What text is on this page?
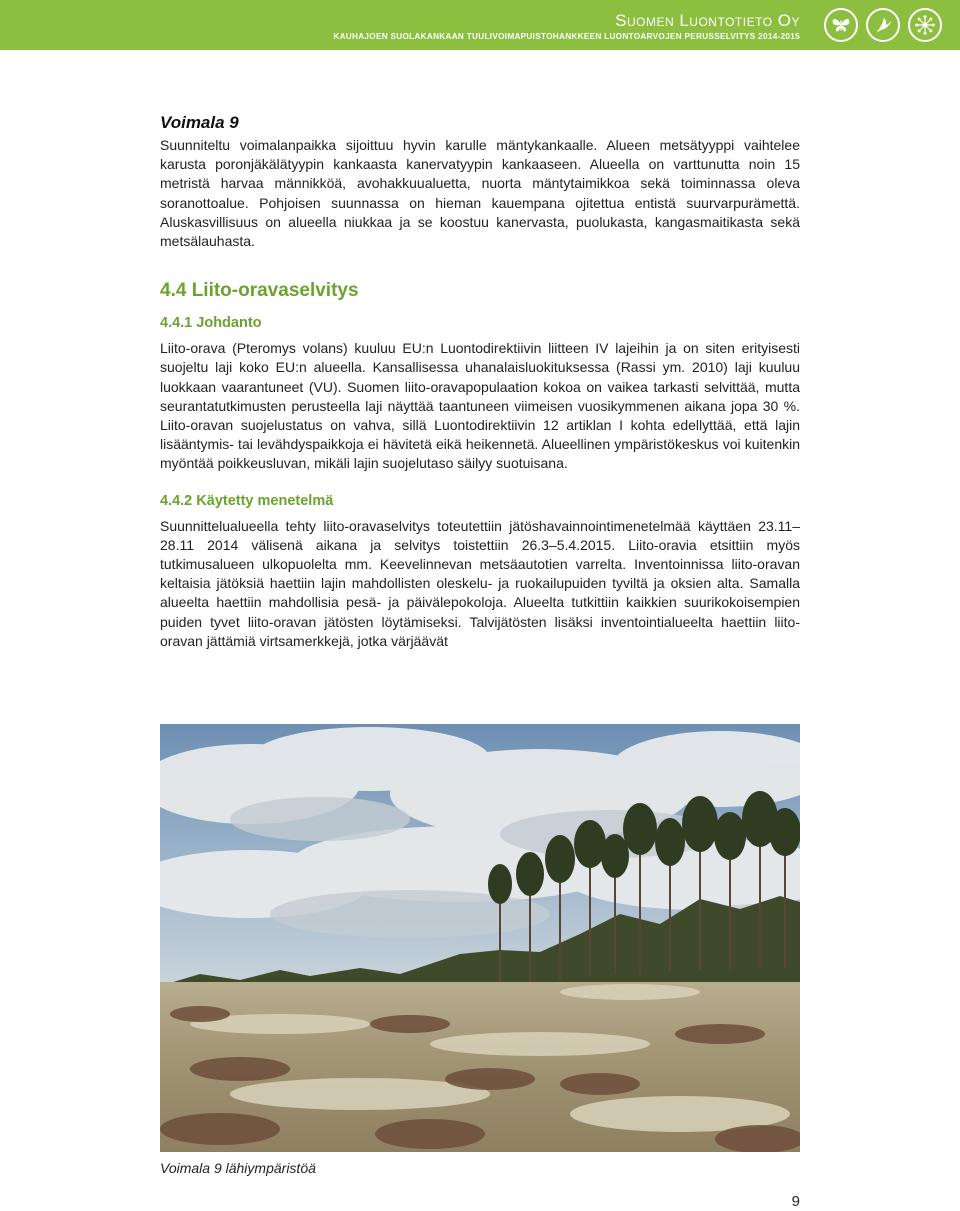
Suomen Luontotieto Oy
KAUHAJOEN SUOLAKANKAAN TUULIVOIMAPUISTOHANKKEEN LUONTOARVOJEN PERUSSELVITYS 2014-2015
Voimala 9

Suunniteltu voimalanpaikka sijoittuu hyvin karulle mäntykankaalle. Alueen metsätyyppi vaihtelee karusta poronjäkälätyypin kankaasta kanervatyypin kankaaseen. Alueella on varttunutta noin 15 metristä harvaa männikköä, avohakkuualuetta, nuorta mäntytaimikkoa sekä toiminnassa oleva soranottoalue. Pohjoisen suunnassa on hieman kauempana ojitettua entistä suurvarpurämettä. Aluskasvillisuus on alueella niukkaa ja se koostuu kanervasta, puolukasta, kangasmaitikasta sekä metsälauhasta.

4.4 Liito-oravaselvitys
4.4.1 Johdanto

Liito-orava (Pteromys volans) kuuluu EU:n Luontodirektiivin liitteen IV lajeihin ja on siten erityisesti suojeltu laji koko EU:n alueella. Kansallisessa uhanalaisluokituksessa (Rassi ym. 2010) laji kuuluu luokkaan vaarantuneet (VU). Suomen liito-oravapopulaation kokoa on vaikea tarkasti selvittää, mutta seurantatutkimusten perusteella laji näyttää taantuneen viimeisen vuosikymmenen aikana jopa 30 %. Liito-oravan suojelustatus on vahva, sillä Luontodirektiivin 12 artiklan I kohta edellyttää, että lajin lisääntymis- tai levähdyspaikkoja ei hävitetä eikä heikennetä. Alueellinen ympäristökeskus voi kuitenkin myöntää poikkeusluvan, mikäli lajin suojelutaso säilyy suotuisana.

4.4.2 Käytetty menetelmä

Suunnittelualueella tehty liito-oravaselvitys toteutettiin jätöshavainnointimenetelmää käyttäen 23.11–28.11 2014 välisenä aikana ja selvitys toistettiin 26.3–5.4.2015. Liito-oravia etsittiin myös tutkimusalueen ulkopuolelta mm. Keevelinnevan metsäautotien varrelta. Inventoinnissa liito-oravan keltaisia jätöksiä haettiin lajin mahdollisten oleskelu- ja ruokailupuiden tyviltä ja oksien alta. Samalla alueelta haettiin mahdollisia pesä- ja päivälepokoloja. Alueelta tutkittiin kaikkien suurikokoisempien puiden tyvet liito-oravan jätösten löytämiseksi. Talvijätösten lisäksi inventointialueelta haettiin liito-oravan jättämiä virtsamerkkejä, jotka värjäävät

Voimala 9 lähiympäristöä
9
